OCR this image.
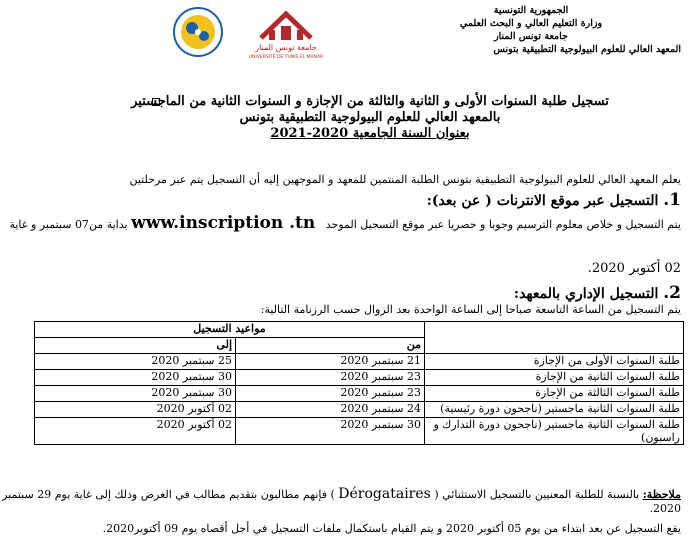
جامعة تونس المنار
UNIVERSITÉ DE TUNIS EL MANAR
الجمهورية التونسية
وزارة التعليم العالي و البحث العلمي
جامعة تونس المنار
المعهد العالي للعلوم البيولوجية التطبيقية بتونس
تسجيل طلبة السنوات الأولى و الثانية والثالثة من الإجازة و السنوات الثانية من الماجستير
بالمعهد العالي للعلوم البيولوجية التطبيقية بتونس
بعنوان السنة الجامعية 2020-2021
يعلم المعهد العالي للعلوم البيولوجية التطبيقية بتونس الطلبة المنتمين للمعهد و الموجهين إليه أن التسجيل يتم عبر مرحلتين
1. التسجيل عبر موقع الانترنات ( عن بعد):
يتم التسجيل و خلاص معلوم الترسيم وجوبا و حصريا عبر موقع التسجيل الموحد   www.inscription .tn بداية من07 سبتمبر و غاية
02 أكتوبر 2020.
2. التسجيل الإداري بالمعهد:
يتم التسجيل من الساعة التاسعة صباحا إلى الساعة الواحدة بعد الزوال حسب الرزنامة التالية:
	مواعيد التسجيل	
	من	إلى
طلبة السنوات الأولى من الإجازة	21 سبتمبر 2020	25 سبتمبر 2020
طلبة السنوات الثانية من الإجازة	23 سبتمبر 2020	30 سبتمبر 2020
طلبة السنوات الثالثة من الإجازة	23 سبتمبر 2020	30 سبتمبر 2020
طلبة السنوات الثانية ماجستير (ناجحون دورة رئيسية)	24 سبتمبر 2020	02 أكتوبر 2020
طلبة السنوات الثانية ماجستير (ناجحون دورة التدارك و راسبون)	30 سبتمبر 2020	02 أكتوبر 2020
ملاحظة: بالنسبة للطلبة المعنيين بالتسجيل الاستثنائي ( Dérogataires ) فإنهم مطالبون بتقديم مطالب في الغرض وذلك إلى غاية يوم 29 سبتمبر 2020.
يقع التسجيل عن بعد ابتداء من يوم 05 أكتوبر 2020 و يتم القيام باستكمال ملفات التسجيل في أجل أقصاه يوم 09 أكتوبر2020.
